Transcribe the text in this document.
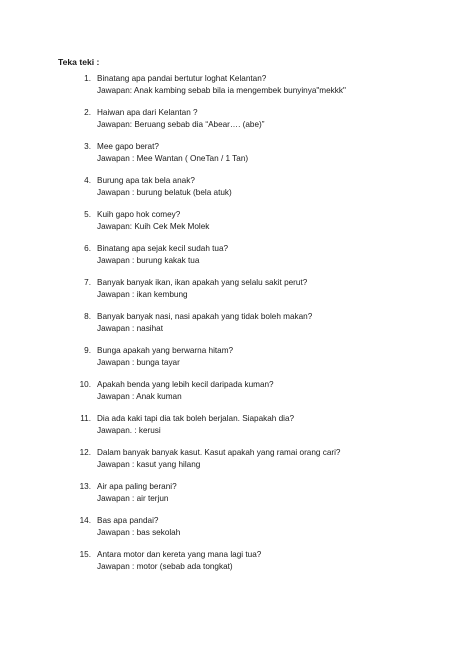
Teka teki :
1. Binatang apa pandai bertutur loghat Kelantan?
Jawapan: Anak kambing sebab bila ia mengembek bunyinya"mekkk"
2. Haiwan apa dari Kelantan ?
Jawapan: Beruang sebab dia “Abear…. (abe)”
3. Mee gapo berat?
Jawapan : Mee Wantan ( OneTan / 1 Tan)
4. Burung apa tak bela anak?
Jawapan : burung belatuk (bela atuk)
5. Kuih gapo hok comey?
Jawapan: Kuih Cek Mek Molek
6. Binatang apa sejak kecil sudah tua?
Jawapan : burung kakak tua
7. Banyak banyak ikan, ikan apakah yang selalu sakit perut?
Jawapan : ikan kembung
8. Banyak banyak nasi, nasi apakah yang tidak boleh makan?
Jawapan : nasihat
9. Bunga apakah yang berwarna hitam?
Jawapan : bunga tayar
10. Apakah benda yang lebih kecil daripada kuman?
Jawapan : Anak kuman
11. Dia ada kaki tapi dia tak boleh berjalan. Siapakah dia?
Jawapan. : kerusi
12. Dalam banyak banyak kasut. Kasut apakah yang ramai orang cari?
Jawapan : kasut yang hilang
13. Air apa paling berani?
Jawapan : air terjun
14. Bas apa pandai?
Jawapan : bas sekolah
15. Antara motor dan kereta yang mana lagi tua?
Jawapan : motor (sebab ada tongkat)
